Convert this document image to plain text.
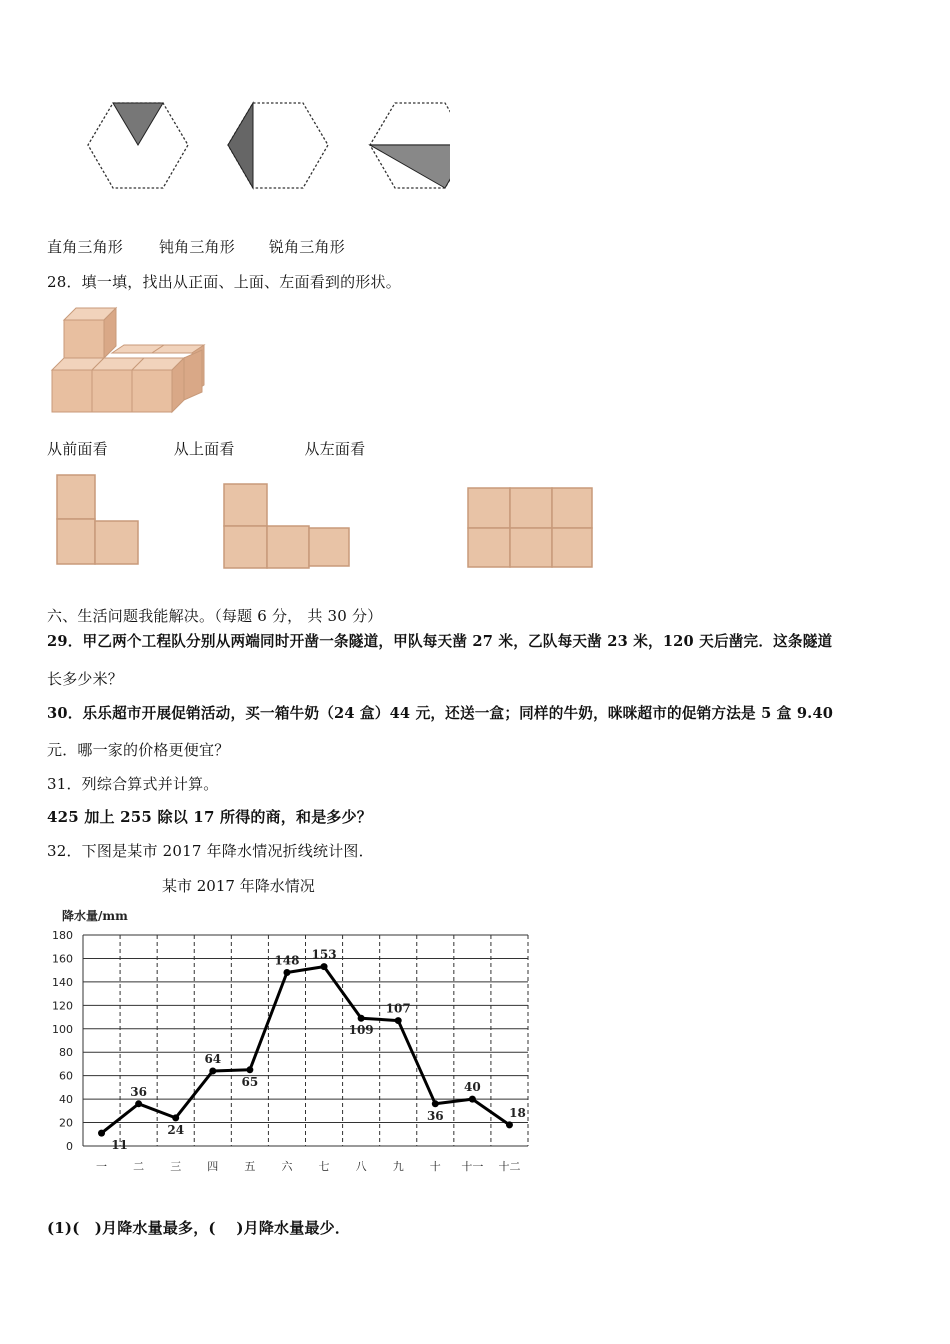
直角三角形 钝角三角形 锐角三角形
28．填一填，找出从正面、上面、左面看到的形状。
从前面看	从上面看	从左面看
六、生活问题我能解决。（每题 6 分， 共 30 分）
29．甲乙两个工程队分别从两端同时开凿一条隧道，甲队每天凿 27 米，乙队每天凿 23 米，120 天后凿完．这条隧道
长多少米？
30．乐乐超市开展促销活动，买一箱牛奶（24 盒）44 元，还送一盒；同样的牛奶，咪咪超市的促销方法是 5 盒 9.40
元．哪一家的价格更便宜？
31．列综合算式并计算。
425 加上 255 除以 17 所得的商，和是多少？
32．下图是某市 2017 年降水情况折线统计图．
某市 2017 年降水情况
降水量/mm
0
20
40
60
80
100
120
140
160
180
一 二 三 四 五 六 七 八 九 十 十一 十二
11
36
24
64
65
148 153
109
107
36
40
18
(1)(　)月降水量最多，(　 )月降水量最少．
